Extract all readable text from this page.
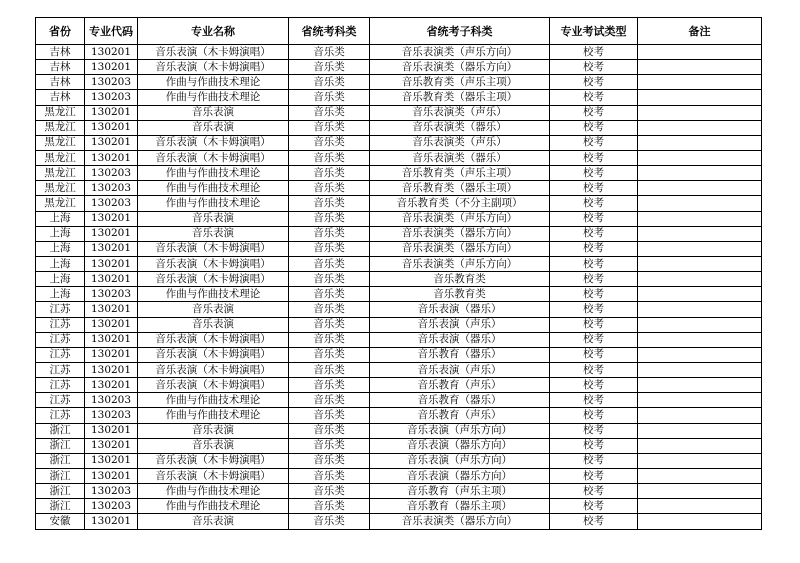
省份	专业代码	专业名称	省统考科类	省统考子科类	专业考试类型	备注
吉林	130201	音乐表演（木卡姆演唱）	音乐类	音乐表演类（声乐方向）	校考	
吉林	130201	音乐表演（木卡姆演唱）	音乐类	音乐表演类（器乐方向）	校考	
吉林	130203	作曲与作曲技术理论	音乐类	音乐教育类（声乐主项）	校考	
吉林	130203	作曲与作曲技术理论	音乐类	音乐教育类（器乐主项）	校考	
黑龙江	130201	音乐表演	音乐类	音乐表演类（声乐）	校考	
黑龙江	130201	音乐表演	音乐类	音乐表演类（器乐）	校考	
黑龙江	130201	音乐表演（木卡姆演唱）	音乐类	音乐表演类（声乐）	校考	
黑龙江	130201	音乐表演（木卡姆演唱）	音乐类	音乐表演类（器乐）	校考	
黑龙江	130203	作曲与作曲技术理论	音乐类	音乐教育类（声乐主项）	校考	
黑龙江	130203	作曲与作曲技术理论	音乐类	音乐教育类（器乐主项）	校考	
黑龙江	130203	作曲与作曲技术理论	音乐类	音乐教育类（不分主副项）	校考	
上海	130201	音乐表演	音乐类	音乐表演类（声乐方向）	校考	
上海	130201	音乐表演	音乐类	音乐表演类（器乐方向）	校考	
上海	130201	音乐表演（木卡姆演唱）	音乐类	音乐表演类（器乐方向）	校考	
上海	130201	音乐表演（木卡姆演唱）	音乐类	音乐表演类（声乐方向）	校考	
上海	130201	音乐表演（木卡姆演唱）	音乐类	音乐教育类	校考	
上海	130203	作曲与作曲技术理论	音乐类	音乐教育类	校考	
江苏	130201	音乐表演	音乐类	音乐表演（器乐）	校考	
江苏	130201	音乐表演	音乐类	音乐表演（声乐）	校考	
江苏	130201	音乐表演（木卡姆演唱）	音乐类	音乐表演（器乐）	校考	
江苏	130201	音乐表演（木卡姆演唱）	音乐类	音乐教育（器乐）	校考	
江苏	130201	音乐表演（木卡姆演唱）	音乐类	音乐表演（声乐）	校考	
江苏	130201	音乐表演（木卡姆演唱）	音乐类	音乐教育（声乐）	校考	
江苏	130203	作曲与作曲技术理论	音乐类	音乐教育（器乐）	校考	
江苏	130203	作曲与作曲技术理论	音乐类	音乐教育（声乐）	校考	
浙江	130201	音乐表演	音乐类	音乐表演（声乐方向）	校考	
浙江	130201	音乐表演	音乐类	音乐表演（器乐方向）	校考	
浙江	130201	音乐表演（木卡姆演唱）	音乐类	音乐表演（声乐方向）	校考	
浙江	130201	音乐表演（木卡姆演唱）	音乐类	音乐表演（器乐方向）	校考	
浙江	130203	作曲与作曲技术理论	音乐类	音乐教育（声乐主项）	校考	
浙江	130203	作曲与作曲技术理论	音乐类	音乐教育（器乐主项）	校考	
安徽	130201	音乐表演	音乐类	音乐表演类（器乐方向）	校考	
